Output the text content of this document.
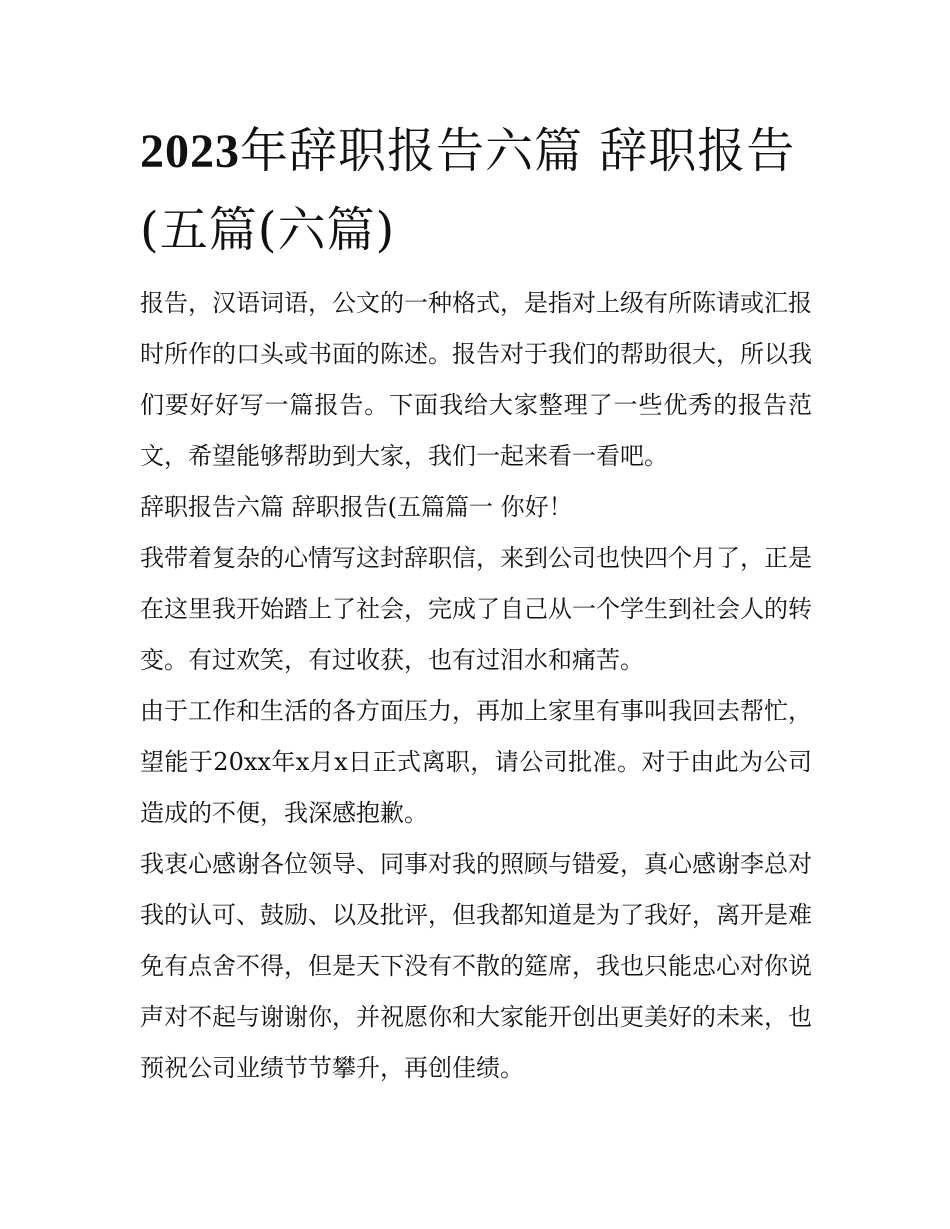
2023年辞职报告六篇 辞职报告(五篇(六篇)

报告，汉语词语，公文的一种格式，是指对上级有所陈请或汇报时所作的口头或书面的陈述。报告对于我们的帮助很大，所以我们要好好写一篇报告。下面我给大家整理了一些优秀的报告范文，希望能够帮助到大家，我们一起来看一看吧。

辞职报告六篇 辞职报告(五篇篇一 你好！

我带着复杂的心情写这封辞职信，来到公司也快四个月了，正是在这里我开始踏上了社会，完成了自己从一个学生到社会人的转变。有过欢笑，有过收获，也有过泪水和痛苦。

由于工作和生活的各方面压力，再加上家里有事叫我回去帮忙，望能于20xx年x月x日正式离职，请公司批准。对于由此为公司造成的不便，我深感抱歉。

我衷心感谢各位领导、同事对我的照顾与错爱，真心感谢李总对我的认可、鼓励、以及批评，但我都知道是为了我好，离开是难免有点舍不得，但是天下没有不散的筵席，我也只能忠心对你说声对不起与谢谢你，并祝愿你和大家能开创出更美好的未来，也预祝公司业绩节节攀升，再创佳绩。
